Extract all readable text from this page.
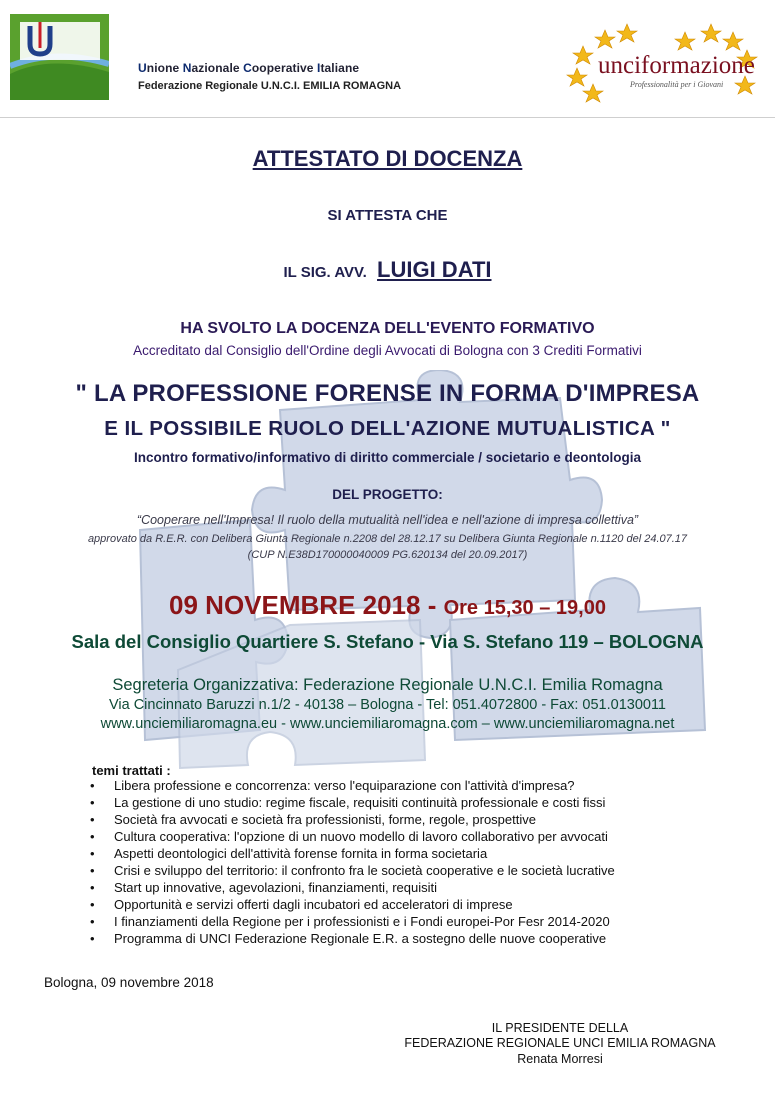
Unione Nazionale Cooperative Italiane
Federazione Regionale U.N.C.I. EMILIA ROMAGNA
unciformazione
Professionalità per i Giovani
ATTESTATO DI DOCENZA
SI ATTESTA CHE
IL SIG. AVV. LUIGI DATI
HA SVOLTO LA DOCENZA DELL'EVENTO FORMATIVO
Accreditato dal Consiglio dell'Ordine degli Avvocati di Bologna con 3 Crediti Formativi
" LA PROFESSIONE FORENSE IN FORMA D'IMPRESA
E IL POSSIBILE RUOLO DELL'AZIONE MUTUALISTICA "
Incontro formativo/informativo di diritto commerciale / societario e deontologia
DEL PROGETTO:
“Cooperare nell'Impresa! Il ruolo della mutualità nell'idea e nell'azione di impresa collettiva”
approvato da R.E.R. con Delibera Giunta Regionale n.2208 del 28.12.17 su Delibera Giunta Regionale n.1120 del 24.07.17
(CUP N.E38D170000040009 PG.620134 del 20.09.2017)
09 NOVEMBRE 2018 - Ore 15,30 – 19,00
Sala del Consiglio Quartiere S. Stefano - Via S. Stefano 119 – BOLOGNA
Segreteria Organizzativa: Federazione Regionale U.N.C.I. Emilia Romagna
Via Cincinnato Baruzzi n.1/2 - 40138 – Bologna - Tel: 051.4072800 - Fax: 051.0130011
www.unciemiliaromagna.eu - www.unciemiliaromagna.com – www.unciemiliaromagna.net
temi trattati :
• Libera professione e concorrenza: verso l'equiparazione con l'attività d'impresa?
• La gestione di uno studio: regime fiscale, requisiti continuità professionale e costi fissi
• Società fra avvocati e società fra professionisti, forme, regole, prospettive
• Cultura cooperativa: l'opzione di un nuovo modello di lavoro collaborativo per avvocati
• Aspetti deontologici dell'attività forense fornita in forma societaria
• Crisi e sviluppo del territorio: il confronto fra le società cooperative e le società lucrative
• Start up innovative, agevolazioni, finanziamenti, requisiti
• Opportunità e servizi offerti dagli incubatori ed acceleratori di imprese
• I finanziamenti della Regione per i professionisti e i Fondi europei-Por Fesr 2014-2020
• Programma di UNCI Federazione Regionale E.R. a sostegno delle nuove cooperative
Bologna, 09 novembre 2018
IL PRESIDENTE DELLA
FEDERAZIONE REGIONALE UNCI EMILIA ROMAGNA
Renata Morresi
